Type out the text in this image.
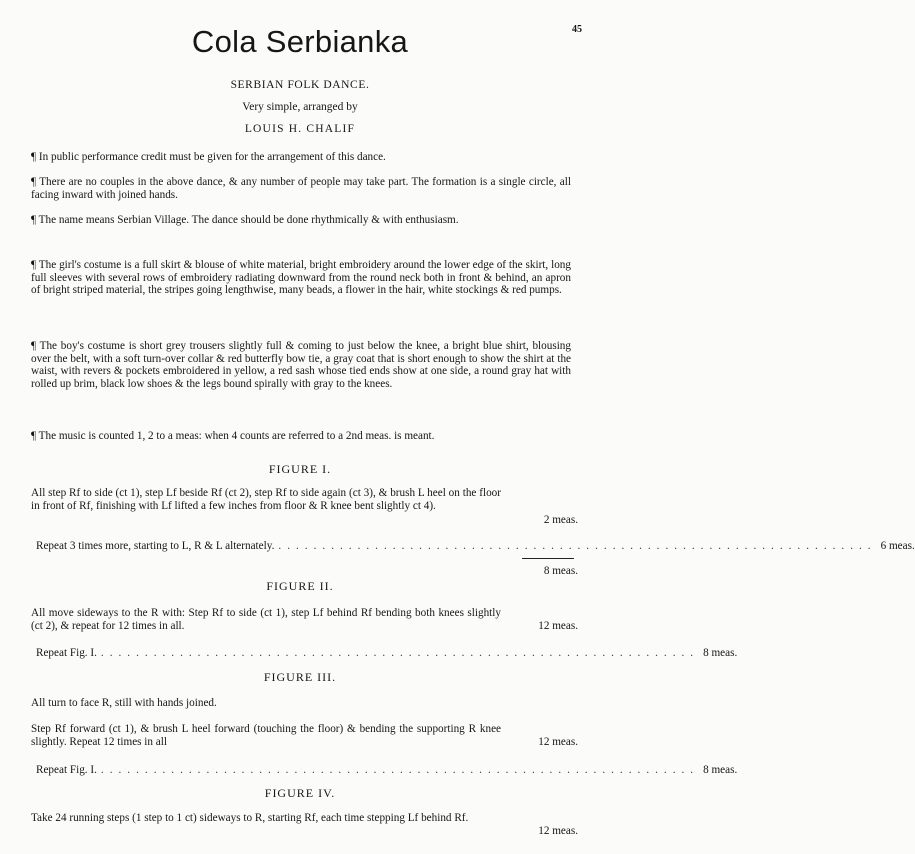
45
Cola Serbianka
SERBIAN FOLK DANCE.
Very simple, arranged by
LOUIS H. CHALIF
¶ In public performance credit must be given for the arrangement of this dance.
¶ There are no couples in the above dance, & any number of people may take part. The formation is a single circle, all facing inward with joined hands.
¶ The name means Serbian Village. The dance should be done rhythmically & with enthusiasm.
¶ The girl's costume is a full skirt & blouse of white material, bright embroidery around the lower edge of the skirt, long full sleeves with several rows of embroidery radiating downward from the round neck both in front & behind, an apron of bright striped material, the stripes going lengthwise, many beads, a flower in the hair, white stockings & red pumps.
¶ The boy's costume is short grey trousers slightly full & coming to just below the knee, a bright blue shirt, blousing over the belt, with a soft turn-over collar & red butterfly bow tie, a gray coat that is short enough to show the shirt at the waist, with revers & pockets embroidered in yellow, a red sash whose tied ends show at one side, a round gray hat with rolled up brim, black low shoes & the legs bound spirally with gray to the knees.
¶ The music is counted 1, 2 to a meas: when 4 counts are referred to a 2nd meas. is meant.
FIGURE I.
All step Rf to side (ct 1), step Lf beside Rf (ct 2), step Rf to side again (ct 3), & brush L heel on the floor in front of Rf, finishing with Lf lifted a few inches from floor & R knee bent slightly ct 4).
2 meas.
Repeat 3 times more, starting to L, R & L alternately. .................................................................... 6 meas.
8 meas.
FIGURE II.
All move sideways to the R with: Step Rf to side (ct 1), step Lf behind Rf bending both knees slightly (ct 2), & repeat for 12 times in all.	12 meas.
Repeat Fig. I. .................................................................... 8 meas.
FIGURE III.
All turn to face R, still with hands joined.
Step Rf forward (ct 1), & brush L heel forward (touching the floor) & bending the supporting R knee slightly. Repeat 12 times in all	12 meas.
Repeat Fig. I. .................................................................... 8 meas.
FIGURE IV.
Take 24 running steps (1 step to 1 ct) sideways to R, starting Rf, each time stepping Lf behind Rf.
12 meas.
